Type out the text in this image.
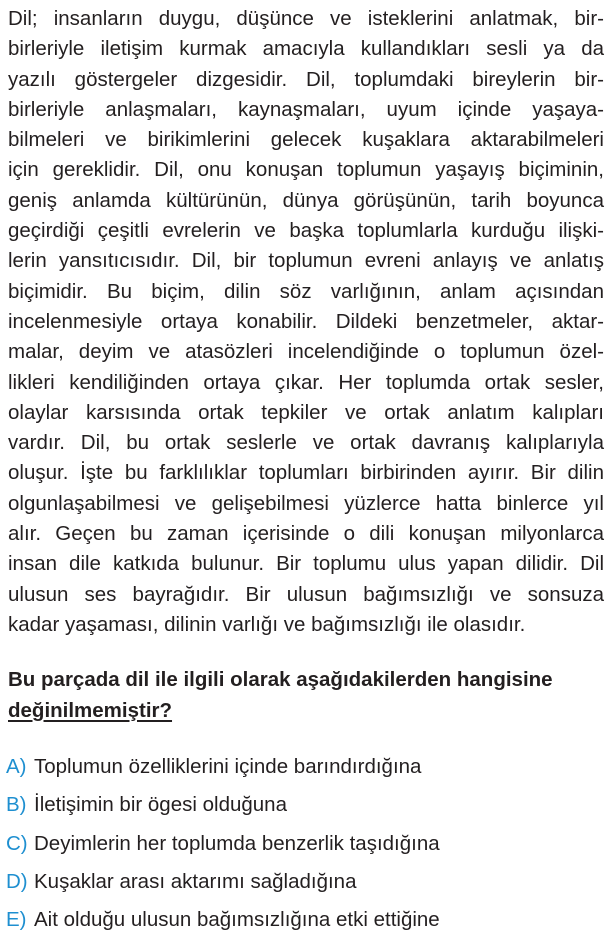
Dil; insanların duygu, düşünce ve isteklerini anlatmak, bir-
birleriyle iletişim kurmak amacıyla kullandıkları sesli ya da
yazılı göstergeler dizgesidir. Dil, toplumdaki bireylerin bir-
birleriyle anlaşmaları, kaynaşmaları, uyum içinde yaşaya-
bilmeleri ve birikimlerini gelecek kuşaklara aktarabilmeleri
için gereklidir. Dil, onu konuşan toplumun yaşayış biçiminin,
geniş anlamda kültürünün, dünya görüşünün, tarih boyunca
geçirdiği çeşitli evrelerin ve başka toplumlarla kurduğu ilişki-
lerin yansıtıcısıdır. Dil, bir toplumun evreni anlayış ve anlatış
biçimidir. Bu biçim, dilin söz varlığının, anlam açısından
incelenmesiyle ortaya konabilir. Dildeki benzetmeler, aktar-
malar, deyim ve atasözleri incelendiğinde o toplumun özel-
likleri kendiliğinden ortaya çıkar. Her toplumda ortak sesler,
olaylar karsısında ortak tepkiler ve ortak anlatım kalıpları
vardır. Dil, bu ortak seslerle ve ortak davranış kalıplarıyla
oluşur. İşte bu farklılıklar toplumları birbirinden ayırır. Bir dilin
olgunlaşabilmesi ve gelişebilmesi yüzlerce hatta binlerce yıl
alır. Geçen bu zaman içerisinde o dili konuşan milyonlarca
insan dile katkıda bulunur. Bir toplumu ulus yapan dilidir. Dil
ulusun ses bayrağıdır. Bir ulusun bağımsızlığı ve sonsuza
kadar yaşaması, dilinin varlığı ve bağımsızlığı ile olasıdır.
Bu parçada dil ile ilgili olarak aşağıdakilerden hangisine
değinilmemiştir?
A) Toplumun özelliklerini içinde barındırdığına
B) İletişimin bir ögesi olduğuna
C) Deyimlerin her toplumda benzerlik taşıdığına
D) Kuşaklar arası aktarımı sağladığına
E) Ait olduğu ulusun bağımsızlığına etki ettiğine
